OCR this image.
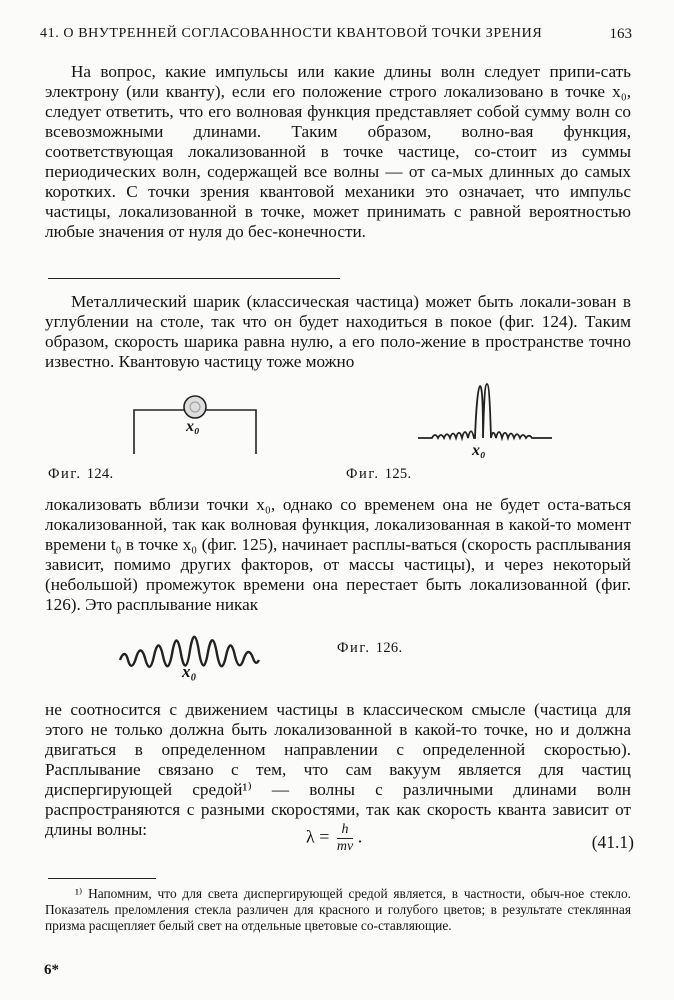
41. О ВНУТРЕННЕЙ СОГЛАСОВАННОСТИ КВАНТОВОЙ ТОЧКИ ЗРЕНИЯ	163

На вопрос, какие импульсы или какие длины волн следует припи-сать электрону (или кванту), если его положение строго локализовано в точке x₀, следует ответить, что его волновая функция представляет собой сумму волн со всевозможными длинами. Таким образом, волно-вая функция, соответствующая локализованной в точке частице, со-стоит из суммы периодических волн, содержащей все волны — от са-мых длинных до самых коротких. С точки зрения квантовой механики это означает, что импульс частицы, локализованной в точке, может принимать с равной вероятностью любые значения от нуля до бес-конечности.

Металлический шарик (классическая частица) может быть локали-зован в углублении на столе, так что он будет находиться в покое (фиг. 124). Таким образом, скорость шарика равна нулю, а его поло-жение в пространстве точно известно. Квантовую частицу тоже можно

x₀
Фиг. 124.
x₀
Фиг. 125.

локализовать вблизи точки x₀, однако со временем она не будет оста-ваться локализованной, так как волновая функция, локализованная в какой-то момент времени t₀ в точке x₀ (фиг. 125), начинает расплы-ваться (скорость расплывания зависит, помимо других факторов, от массы частицы), и через некоторый (небольшой) промежуток времени она перестает быть локализованной (фиг. 126). Это расплывание никак

x₀
Фиг. 126.

не соотносится с движением частицы в классическом смысле (частица для этого не только должна быть локализованной в какой-то точке, но и должна двигаться в определенном направлении с определенной скоростью). Расплывание связано с тем, что сам вакуум является для частиц диспергирующей средой¹⁾ — волны с различными длинами волн распространяются с разными скоростями, так как скорость кванта зависит от длины волны:	$\lambda = \frac{h}{mv}$ .	(41.1)

¹⁾ Напомним, что для света диспергирующей средой является, в частности, обыч-ное стекло. Показатель преломления стекла различен для красного и голубого цветов; в результате стеклянная призма расщепляет белый свет на отдельные цветовые со-ставляющие.

6*
